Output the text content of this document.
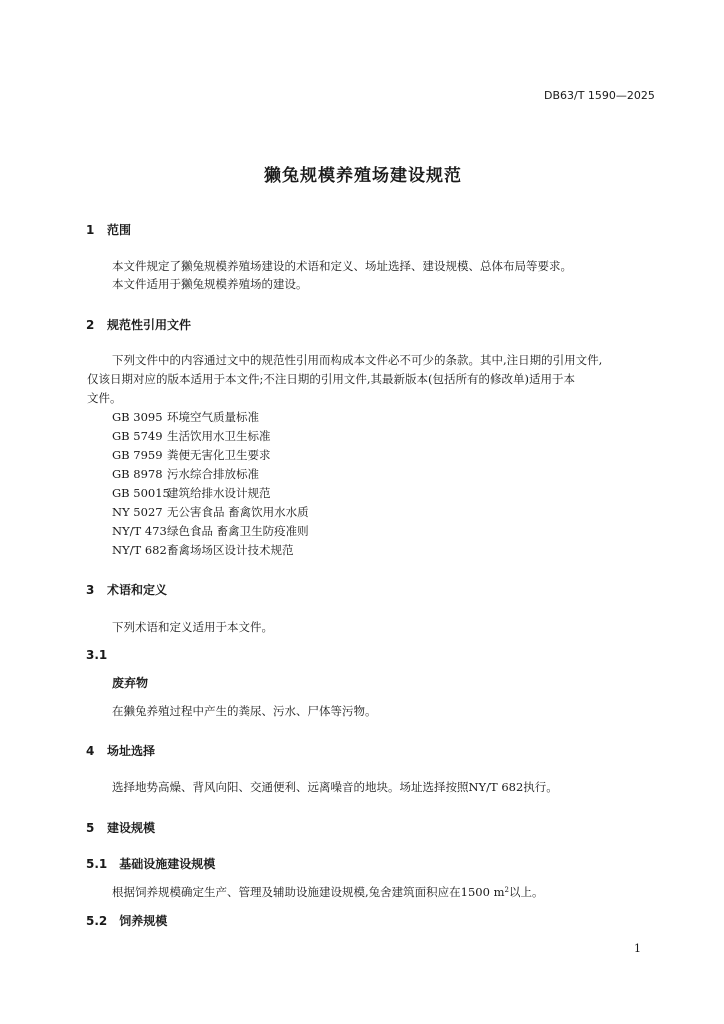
DB63/T 1590—2025
獭兔规模养殖场建设规范
1 范围
本文件规定了獭兔规模养殖场建设的术语和定义、场址选择、建设规模、总体布局等要求。
本文件适用于獭兔规模养殖场的建设。
2 规范性引用文件
下列文件中的内容通过文中的规范性引用而构成本文件必不可少的条款。其中,注日期的引用文件,
仅该日期对应的版本适用于本文件;不注日期的引用文件,其最新版本(包括所有的修改单)适用于本
文件。
GB 3095 环境空气质量标准
GB 5749 生活饮用水卫生标准
GB 7959 粪便无害化卫生要求
GB 8978 污水综合排放标准
GB 50015建筑给排水设计规范
NY 5027 无公害食品 畜禽饮用水水质
NY/T 473绿色食品 畜禽卫生防疫准则
NY/T 682畜禽场场区设计技术规范
3 术语和定义
下列术语和定义适用于本文件。
3.1
废弃物
在獭兔养殖过程中产生的粪尿、污水、尸体等污物。
4 场址选择
选择地势高燥、背风向阳、交通便利、远离噪音的地块。场址选择按照NY/T 682执行。
5 建设规模
5.1 基础设施建设规模
根据饲养规模确定生产、管理及辅助设施建设规模,兔舍建筑面积应在1500 $m^2$以上。
5.2 饲养规模
1
